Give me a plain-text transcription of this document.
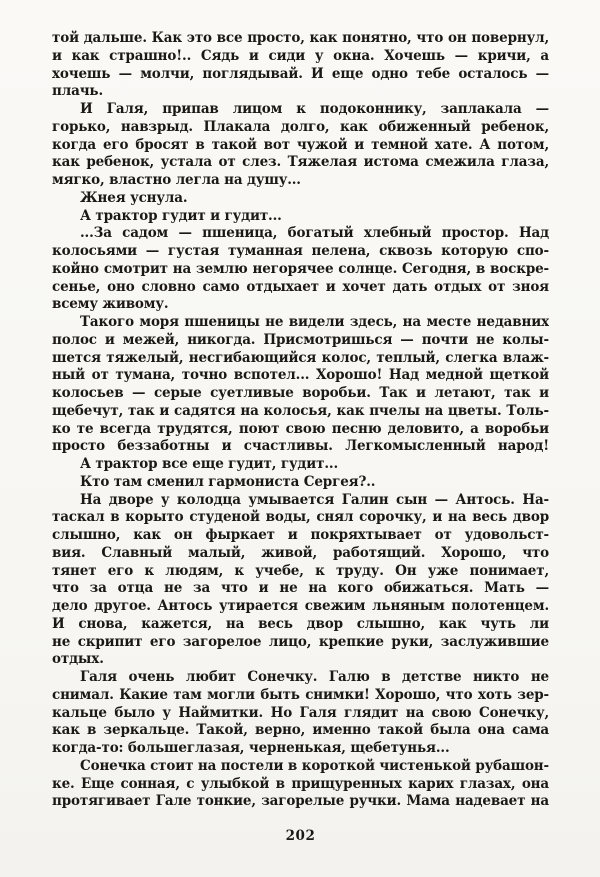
той дальше. Как это все просто, как понятно, что он повернул,
и как страшно!.. Сядь и сиди у окна. Хочешь — кричи, а
хочешь — молчи, поглядывай. И еще одно тебе осталось —
плачь.
И Галя, припав лицом к подоконнику, заплакала —
горько, навзрыд. Плакала долго, как обиженный ребенок,
когда его бросят в такой вот чужой и темной хате. А потом,
как ребенок, устала от слез. Тяжелая истома смежила глаза,
мягко, властно легла на душу...
Жнея уснула.
А трактор гудит и гудит...
...За садом — пшеница, богатый хлебный простор. Над
колосьями — густая туманная пелена, сквозь которую спо-
койно смотрит на землю негорячее солнце. Сегодня, в воскре-
сенье, оно словно само отдыхает и хочет дать отдых от зноя
всему живому.
Такого моря пшеницы не видели здесь, на месте недавних
полос и межей, никогда. Присмотришься — почти не колы-
шется тяжелый, несгибающийся колос, теплый, слегка влаж-
ный от тумана, точно вспотел... Хорошо! Над медной щеткой
колосьев — серые суетливые воробьи. Так и летают, так и
щебечут, так и садятся на колосья, как пчелы на цветы. Толь-
ко те всегда трудятся, поют свою песню деловито, а воробьи
просто беззаботны и счастливы. Легкомысленный народ!
А трактор все еще гудит, гудит...
Кто там сменил гармониста Сергея?..
На дворе у колодца умывается Галин сын — Антось. На-
таскал в корыто студеной воды, снял сорочку, и на весь двор
слышно, как он фыркает и покряхтывает от удовольст-
вия. Славный малый, живой, работящий. Хорошо, что
тянет его к людям, к учебе, к труду. Он уже понимает,
что за отца не за что и не на кого обижаться. Мать —
дело другое. Антось утирается свежим льняным полотенцем.
И снова, кажется, на весь двор слышно, как чуть ли
не скрипит его загорелое лицо, крепкие руки, заслужившие
отдых.
Галя очень любит Сонечку. Галю в детстве никто не
снимал. Какие там могли быть снимки! Хорошо, что хоть зер-
кальце было у Наймитки. Но Галя глядит на свою Сонечку,
как в зеркальце. Такой, верно, именно такой была она сама
когда-то: большеглазая, черненькая, щебетунья...
Сонечка стоит на постели в короткой чистенькой рубашон-
ке. Еще сонная, с улыбкой в прищуренных карих глазах, она
протягивает Гале тонкие, загорелые ручки. Мама надевает на
202
